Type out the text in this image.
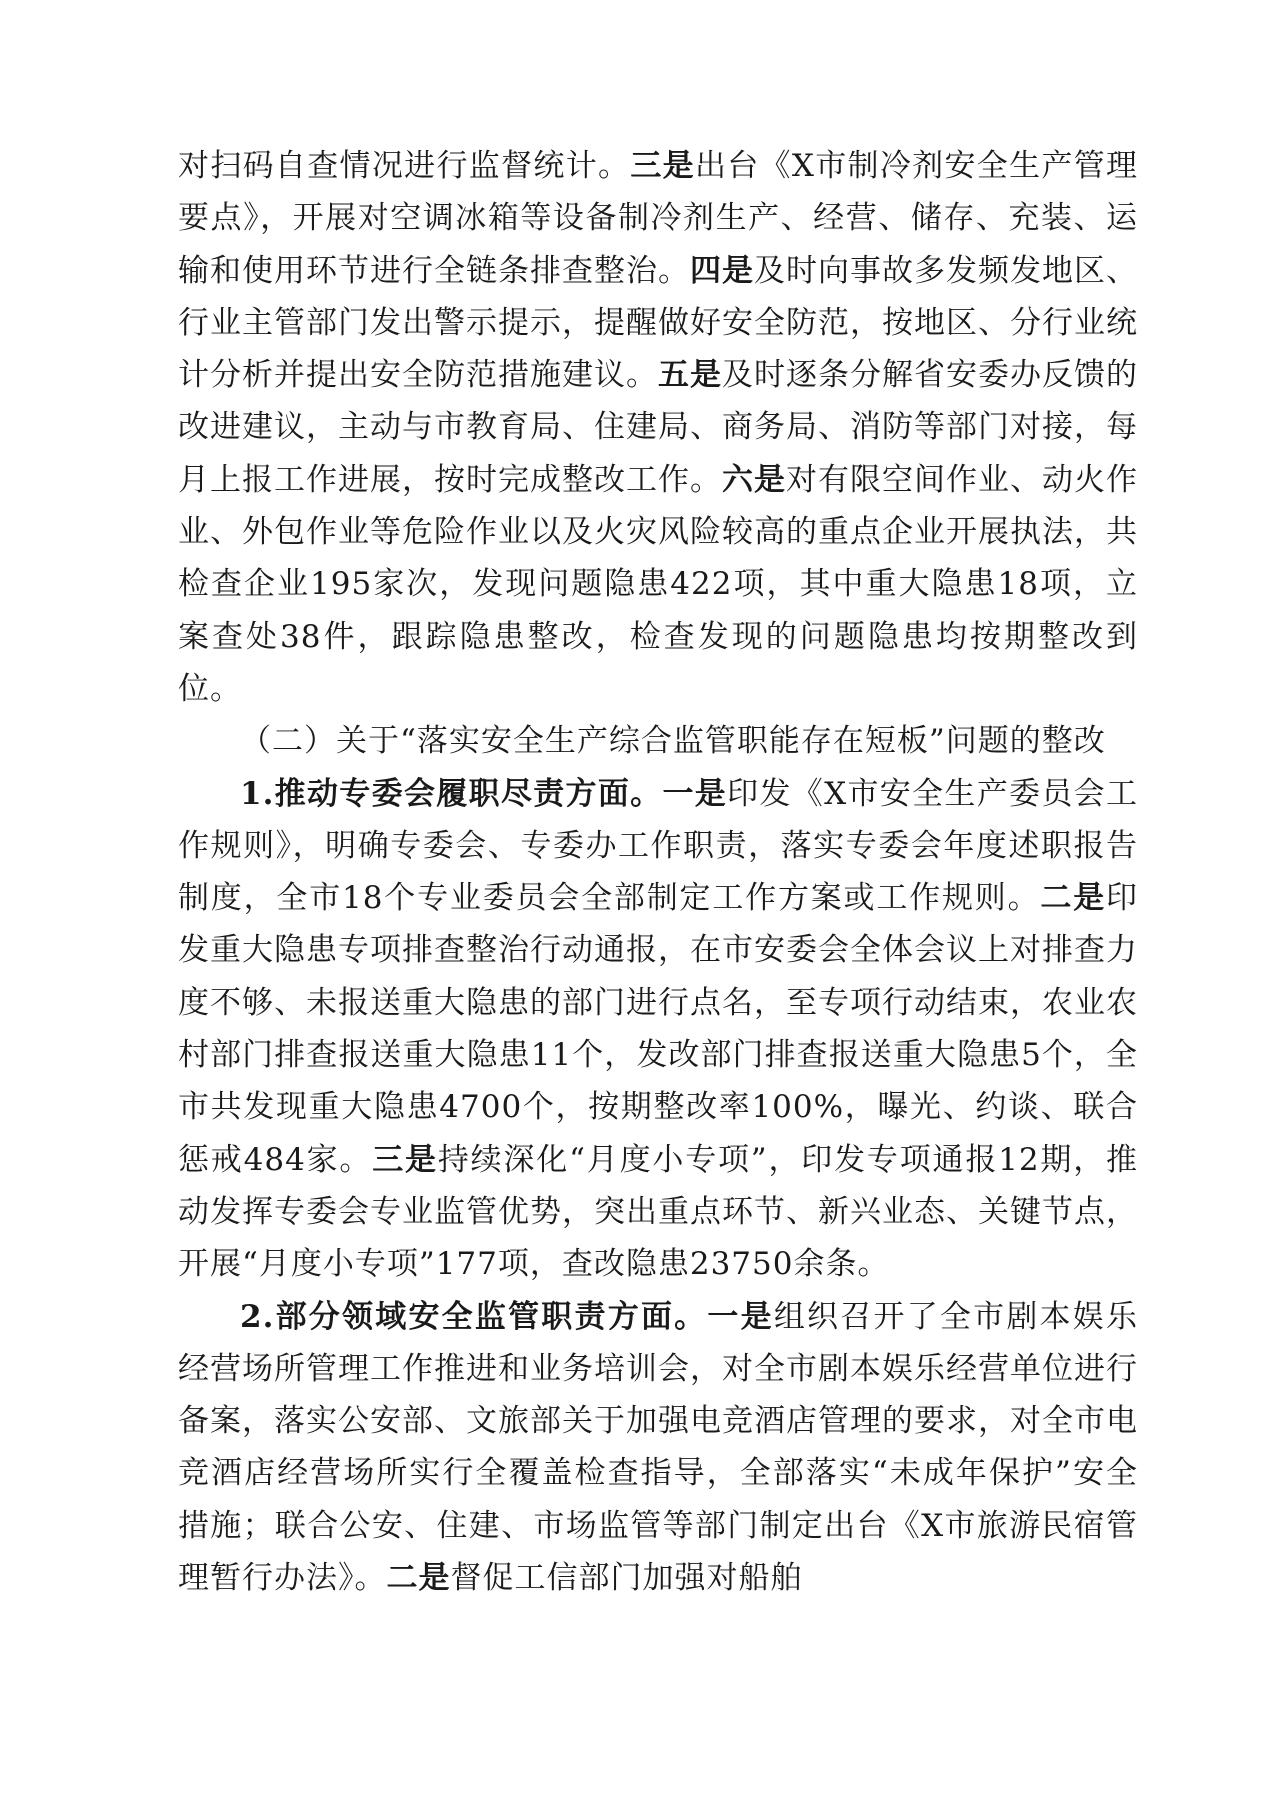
对扫码自查情况进行监督统计。三是出台《X市制冷剂安全生产管理要点》，开展对空调冰箱等设备制冷剂生产、经营、储存、充装、运输和使用环节进行全链条排查整治。四是及时向事故多发频发地区、行业主管部门发出警示提示，提醒做好安全防范，按地区、分行业统计分析并提出安全防范措施建议。五是及时逐条分解省安委办反馈的改进建议，主动与市教育局、住建局、商务局、消防等部门对接，每月上报工作进展，按时完成整改工作。六是对有限空间作业、动火作业、外包作业等危险作业以及火灾风险较高的重点企业开展执法，共检查企业195家次，发现问题隐患422项，其中重大隐患18项，立案查处38件，跟踪隐患整改，检查发现的问题隐患均按期整改到位。

（二）关于“落实安全生产综合监管职能存在短板”问题的整改

1.推动专委会履职尽责方面。一是印发《X市安全生产委员会工作规则》，明确专委会、专委办工作职责，落实专委会年度述职报告制度，全市18个专业委员会全部制定工作方案或工作规则。二是印发重大隐患专项排查整治行动通报，在市安委会全体会议上对排查力度不够、未报送重大隐患的部门进行点名，至专项行动结束，农业农村部门排查报送重大隐患11个，发改部门排查报送重大隐患5个，全市共发现重大隐患4700个，按期整改率100%，曝光、约谈、联合惩戒484家。三是持续深化“月度小专项”，印发专项通报12期，推动发挥专委会专业监管优势，突出重点环节、新兴业态、关键节点，开展“月度小专项”177项，查改隐患23750余条。

2.部分领域安全监管职责方面。一是组织召开了全市剧本娱乐经营场所管理工作推进和业务培训会，对全市剧本娱乐经营单位进行备案，落实公安部、文旅部关于加强电竞酒店管理的要求，对全市电竞酒店经营场所实行全覆盖检查指导，全部落实“未成年保护”安全措施；联合公安、住建、市场监管等部门制定出台《X市旅游民宿管理暂行办法》。二是督促工信部门加强对船舶
